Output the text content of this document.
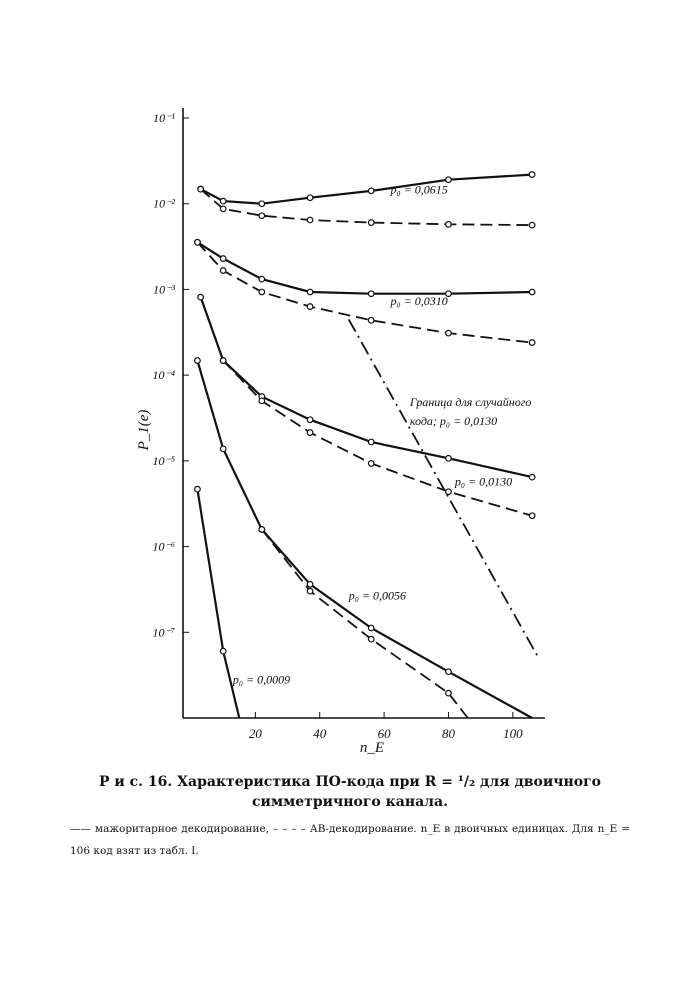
20	40	60	80	100
10⁻¹
10⁻²
10⁻³
10⁻⁴
10⁻⁵
10⁻⁶
10⁻⁷
P_1(e)
n_E
p₀ = 0,0615
p₀ = 0,0310
Граница для случайного
кода; p₀ = 0,0130
p₀ = 0,0130
p₀ = 0,0056
p₀ = 0,0009
Р и с. 16. Характеристика ПО-кода при R = ¹/₂ для двоичного симметричного канала.
—— мажоритарное декодирование, – – – – АВ-декодирование. n_E в двоичных единицах. Для n_E = 106 код взят из табл. I.
